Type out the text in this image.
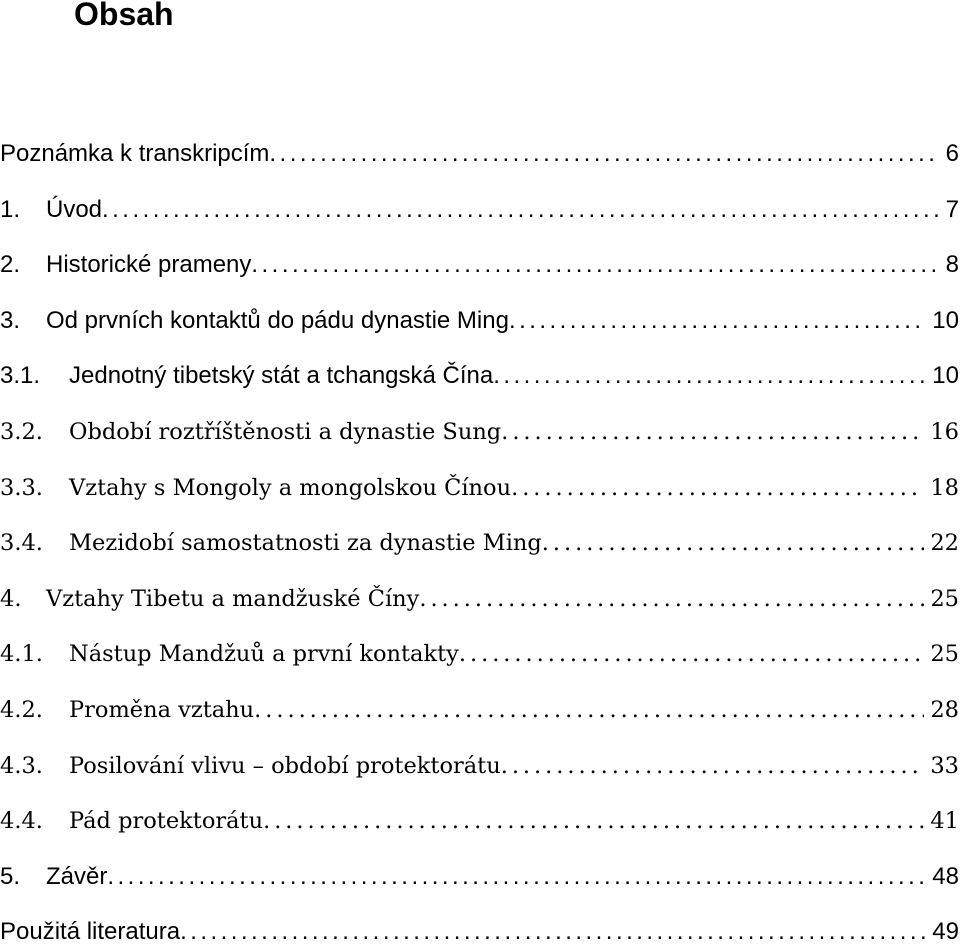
Obsah
Poznámka k transkripcím . . .	6
1.	Úvod . . .	7
2.	Historické prameny . . .	8
3.	Od prvních kontaktů do pádu dynastie Ming . . .	10
3.1.	Jednotný tibetský stát a tchangská Čína . . .	10
3.2.	Období roztříštěnosti a dynastie Sung . . .	16
3.3.	Vztahy s Mongoly a mongolskou Čínou . . .	18
3.4.	Mezidobí samostatnosti za dynastie Ming . . .	22
4.	Vztahy Tibetu a mandžuské Číny . . .	25
4.1.	Nástup Mandžuů a první kontakty . . .	25
4.2.	Proměna vztahu . . .	28
4.3.	Posilování vlivu – období protektorátu . . .	33
4.4.	Pád protektorátu . . .	41
5.	Závěr . . .	48
Použitá literatura . . .	49
